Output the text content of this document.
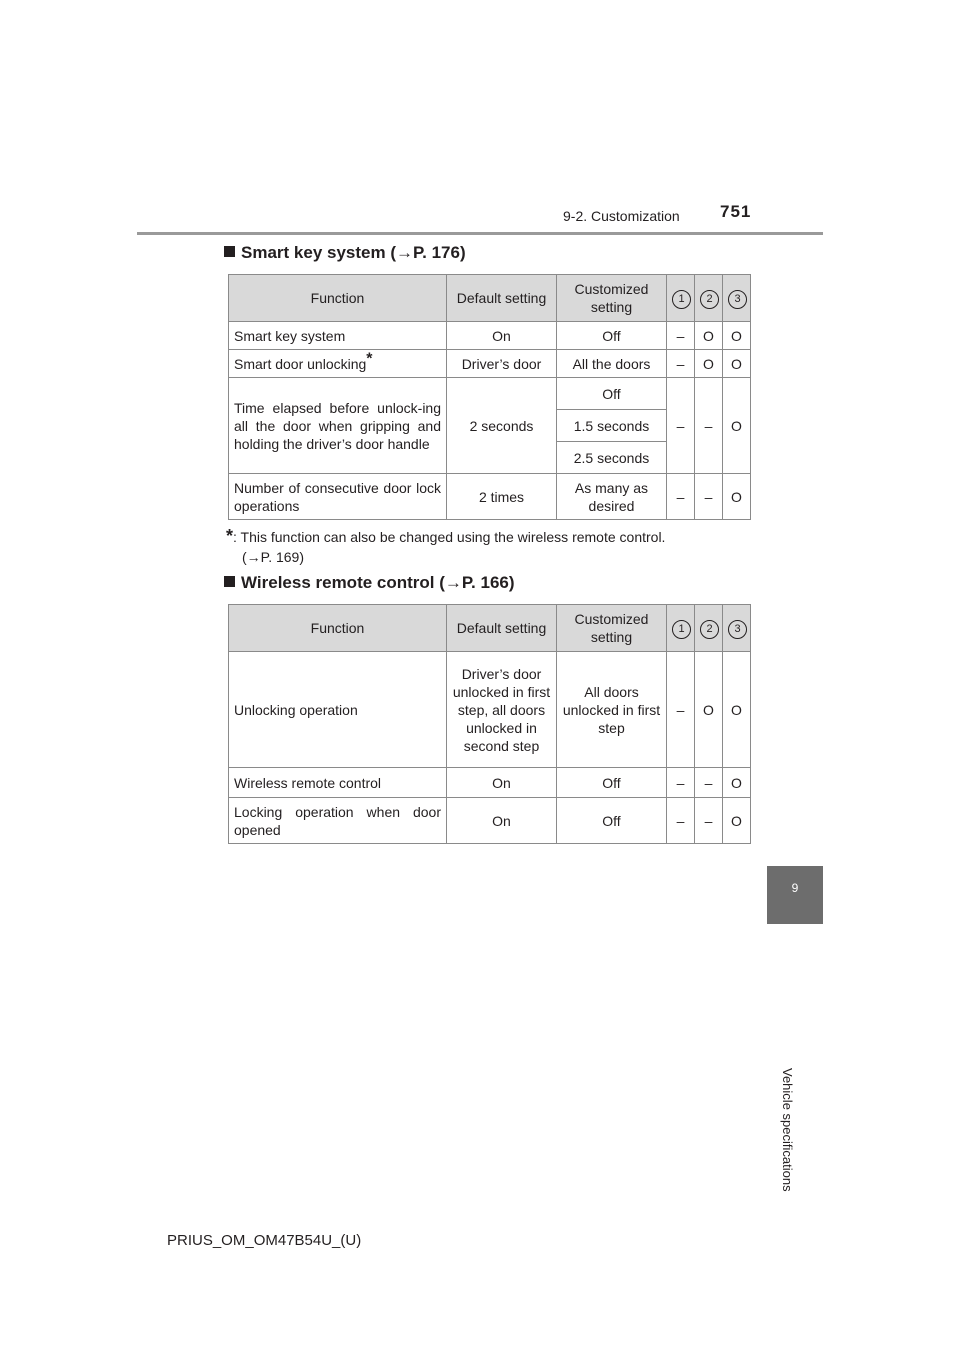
9-2. Customization 751
9
Vehicle specifications
Smart key system (→P. 176)
Function	Default setting	Customized setting	1	2	3
Smart key system	On	Off	–	O	O
Smart door unlocking*	Driver’s door	All the doors	–	O	O
Time elapsed before unlock-ing all the door when gripping and holding the driver’s door handle	2 seconds	Off	–	–	O
		1.5 seconds			
		2.5 seconds			
Number of consecutive door lock operations	2 times	As many as desired	–	–	O
*: This function can also be changed using the wireless remote control.
(→P. 169)
Wireless remote control (→P. 166)
Function	Default setting	Customized setting	1	2	3
Unlocking operation	Driver’s door unlocked in first step, all doors unlocked in second step	All doors unlocked in first step	–	O	O
Wireless remote control	On	Off	–	–	O
Locking operation when door opened	On	Off	–	–	O
PRIUS_OM_OM47B54U_(U)
